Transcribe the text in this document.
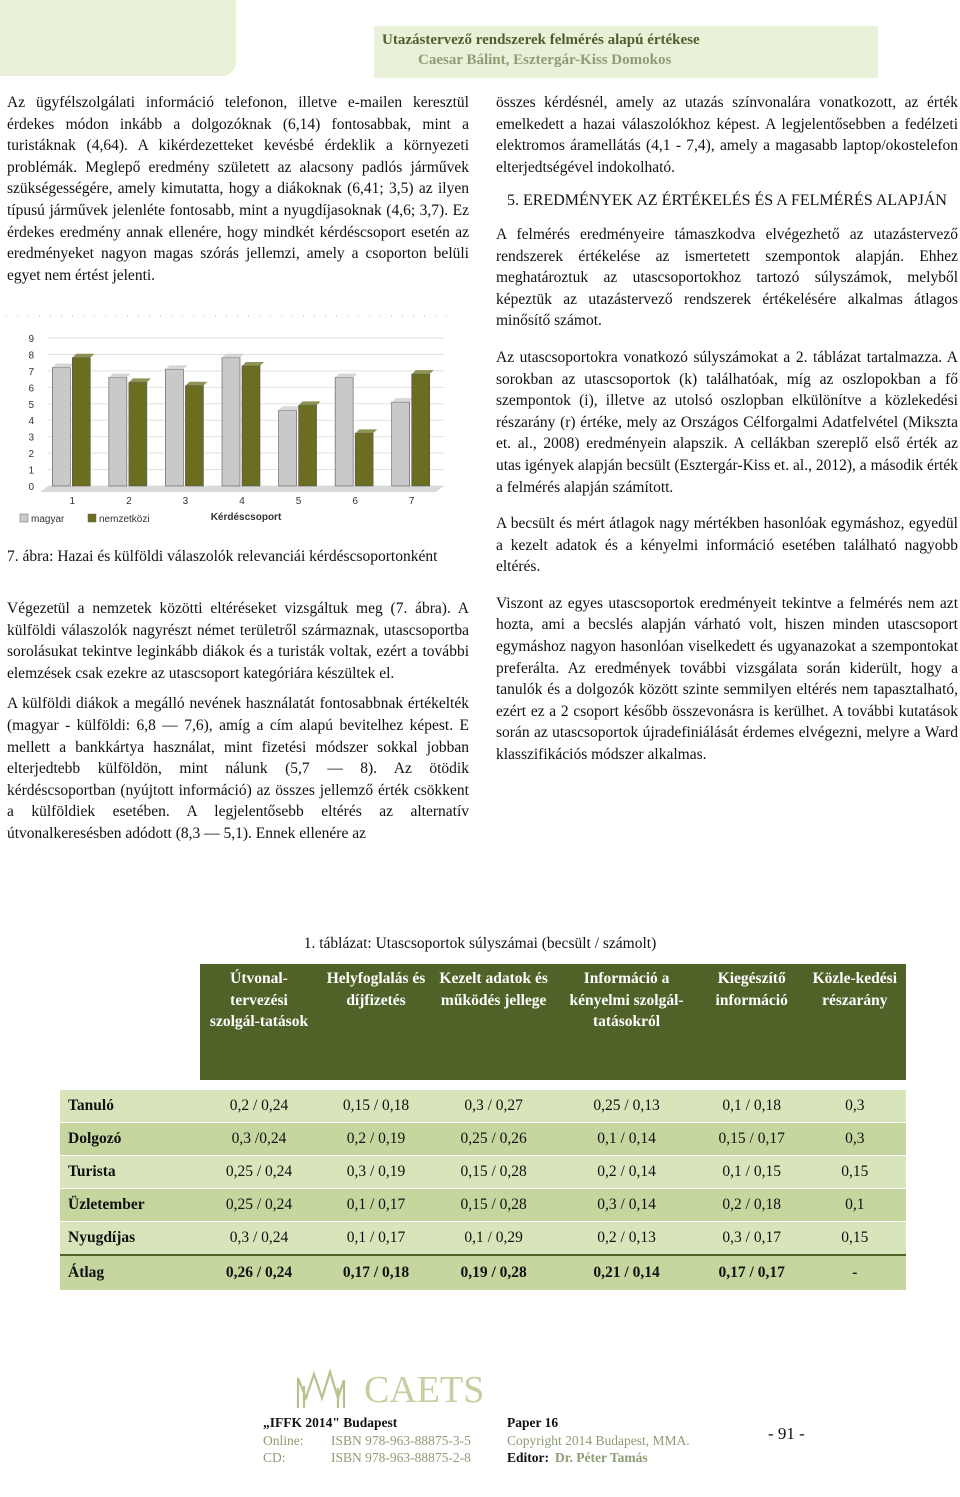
Utazástervező rendszerek felmérés alapú értékese
Caesar Bálint, Esztergár-Kiss Domokos

Az ügyfélszolgálati információ telefonon, illetve e-mailen keresztül érdekes módon inkább a dolgozóknak (6,14) fontosabbak, mint a turistáknak (4,64). A kikérdezetteket kevésbé érdeklik a környezeti problémák. Meglepő eredmény született az alacsony padlós járművek szükségességére, amely kimutatta, hogy a diákoknak (6,41; 3,5) az ilyen típusú járművek jelenléte fontosabb, mint a nyugdíjasoknak (4,6; 3,7). Ez érdekes eredmény annak ellenére, hogy mindkét kérdéscsoport esetén az eredményeket nagyon magas szórás jellemzi, amely a csoporton belüli egyet nem értést jelenti.

0
1
2
3
4
5
6
7
8
9
1	2	3	4	5	6	7
Kérdéscsoport
magyar	nemzetközi
7. ábra: Hazai és külföldi válaszolók relevanciái kérdéscsoportonként

Végezetül a nemzetek közötti eltéréseket vizsgáltuk meg (7. ábra). A külföldi válaszolók nagyrészt német területről származnak, utascsoportba sorolásukat tekintve leginkább diákok és a turisták voltak, ezért a további elemzések csak ezekre az utascsoport kategóriára készültek el.

A külföldi diákok a megálló nevének használatát fontosabbnak értékelték (magyar - külföldi: 6,8 — 7,6), amíg a cím alapú bevitelhez képest. E mellett a bankkártya használat, mint fizetési módszer sokkal jobban elterjedtebb külföldön, mint nálunk (5,7 — 8). Az ötödik kérdéscsoportban (nyújtott információ) az összes jellemző érték csökkent a külföldiek esetében. A legjelentősebb eltérés az alternatív útvonalkeresésben adódott (8,3 — 5,1). Ennek ellenére az

összes kérdésnél, amely az utazás színvonalára vonatkozott, az érték emelkedett a hazai válaszolókhoz képest. A legjelentősebben a fedélzeti elektromos áramellátás (4,1 - 7,4), amely a magasabb laptop/okostelefon elterjedtségével indokolható.

5. EREDMÉNYEK AZ ÉRTÉKELÉS ÉS A FELMÉRÉS ALAPJÁN

A felmérés eredményeire támaszkodva elvégezhető az utazástervező rendszerek értékelése az ismertetett szempontok alapján. Ehhez meghatároztuk az utascsoportokhoz tartozó súlyszámok, melyből képeztük az utazástervező rendszerek értékelésére alkalmas átlagos minősítő számot.

Az utascsoportokra vonatkozó súlyszámokat a 2. táblázat tartalmazza. A sorokban az utascsoportok (k) találhatóak, míg az oszlopokban a fő szempontok (i), illetve az utolsó oszlopban elkülönítve a közlekedési részarány (r) értéke, mely az Országos Célforgalmi Adatfelvétel (Mikszta et. al., 2008) eredményein alapszik. A cellákban szereplő első érték az utas igények alapján becsült (Esztergár-Kiss et. al., 2012), a második érték a felmérés alapján számított.

A becsült és mért átlagok nagy mértékben hasonlóak egymáshoz, egyedül a kezelt adatok és a kényelmi információ esetében található nagyobb eltérés.

Viszont az egyes utascsoportok eredményeit tekintve a felmérés nem azt hozta, ami a becslés alapján várható volt, hiszen minden utascsoport egymáshoz nagyon hasonlóan viselkedett és ugyanazokat a szempontokat preferálta. Az eredmények további vizsgálata során kiderült, hogy a tanulók és a dolgozók között szinte semmilyen eltérés nem tapasztalható, ezért ez a 2 csoport később összevonásra is kerülhet. A további kutatások során az utascsoportok újradefiniálását érdemes elvégezni, melyre a Ward klasszifikációs módszer alkalmas.

1. táblázat: Utascsoportok súlyszámai (becsült / számolt)
	Útvonal-tervezési szolgál-tatások	Helyfoglalás és díjfizetés	Kezelt adatok és működés jellege	Információ a kényelmi szolgál-tatásokról	Kiegészítő információ	Közle-kedési részarány

Tanuló	0,2 / 0,24	0,15 / 0,18	0,3 / 0,27	0,25 / 0,13	0,1 / 0,18	0,3
Dolgozó	0,3 /0,24	0,2 / 0,19	0,25 / 0,26	0,1 / 0,14	0,15 / 0,17	0,3
Turista	0,25 / 0,24	0,3 / 0,19	0,15 / 0,28	0,2 / 0,14	0,1 / 0,15	0,15
Üzletember	0,25 / 0,24	0,1 / 0,17	0,15 / 0,28	0,3 / 0,14	0,2 / 0,18	0,1
Nyugdíjas	0,3 / 0,24	0,1 / 0,17	0,1 / 0,29	0,2 / 0,13	0,3 / 0,17	0,15
Átlag	0,26 / 0,24	0,17 / 0,18	0,19 / 0,28	0,21 / 0,14	0,17 / 0,17	-
CAETS
„IFFK 2014" Budapest
Online: ISBN 978-963-88875-3-5
CD:	ISBN 978-963-88875-2-8
Paper 16
Copyright 2014 Budapest, MMA.
Editor: Dr. Péter Tamás
- 91 -
